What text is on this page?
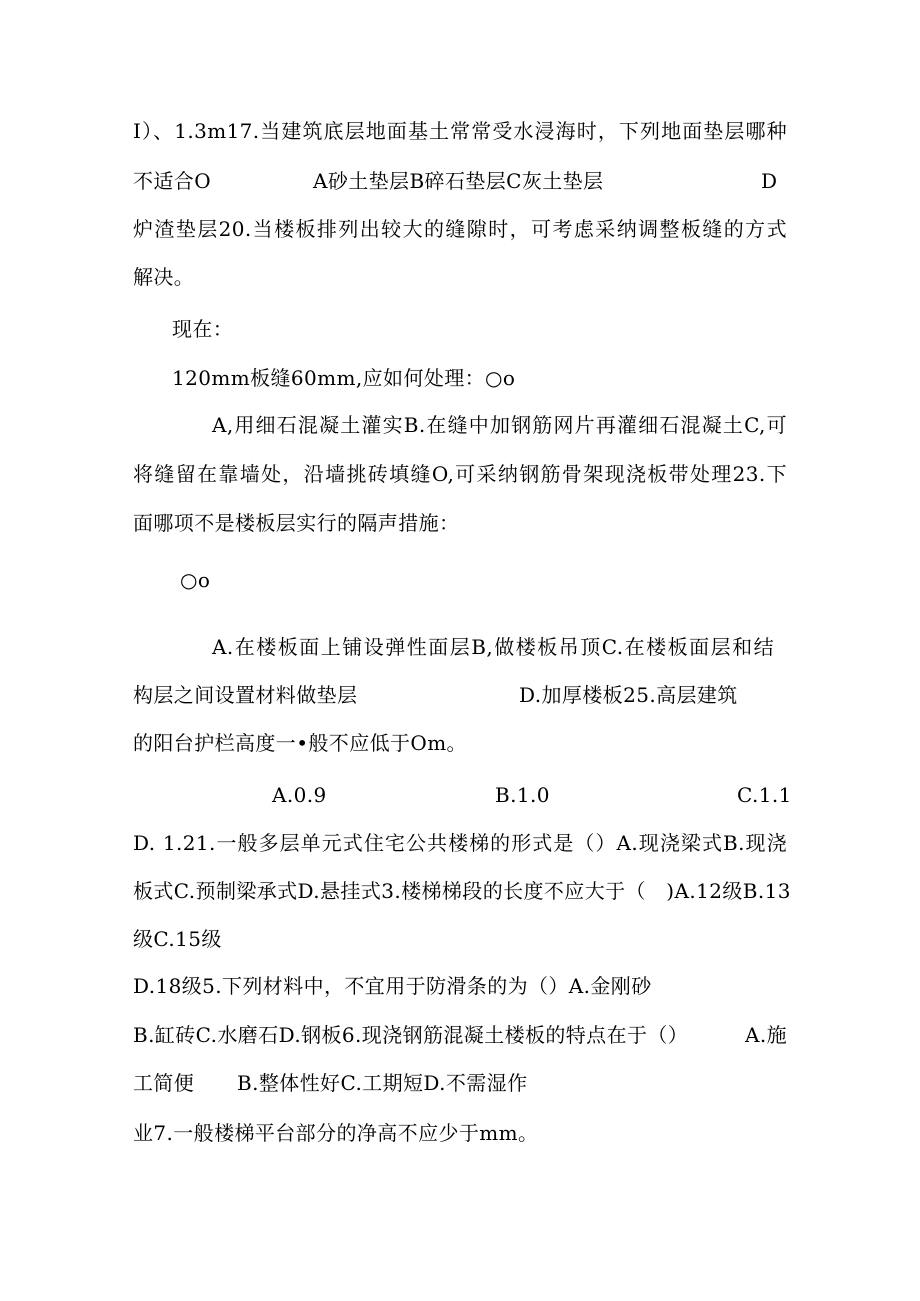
I）、1.3m17.当建筑底层地面基土常常受水浸海时，下列地面垫层哪种
不适合O	A砂土垫层B碎石垫层C灰土垫层	D
炉渣垫层20.当楼板排列出较大的缝隙时，可考虑采纳调整板缝的方式
解决。
现在：
120mm板缝60mm,应如何处理：○o
A,用细石混凝土灌实B.在缝中加钢筋网片再灌细石混凝土C,可
将缝留在靠墙处，沿墙挑砖填缝O,可采纳钢筋骨架现浇板带处理23.下
面哪项不是楼板层实行的隔声措施：
○o
A.在楼板面上铺设弹性面层B,做楼板吊顶C.在楼板面层和结
构层之间设置材料做垫层	D.加厚楼板25.高层建筑
的阳台护栏高度一•般不应低于Om。
A.0.9	B.1.0	C.1.1
D. 1.21.一般多层单元式住宅公共楼梯的形式是（）A.现浇梁式B.现浇
板式C.预制梁承式D.悬挂式3.楼梯梯段的长度不应大于（　)A.12级B.13
级C.15级
D.18级5.下列材料中，不宜用于防滑条的为（）A.金刚砂
B.缸砖C.水磨石D.钢板6.现浇钢筋混凝土楼板的特点在于（）	A.施
工简便 B.整体性好C.工期短D.不需湿作
业7.一般楼梯平台部分的净高不应少于mm。
